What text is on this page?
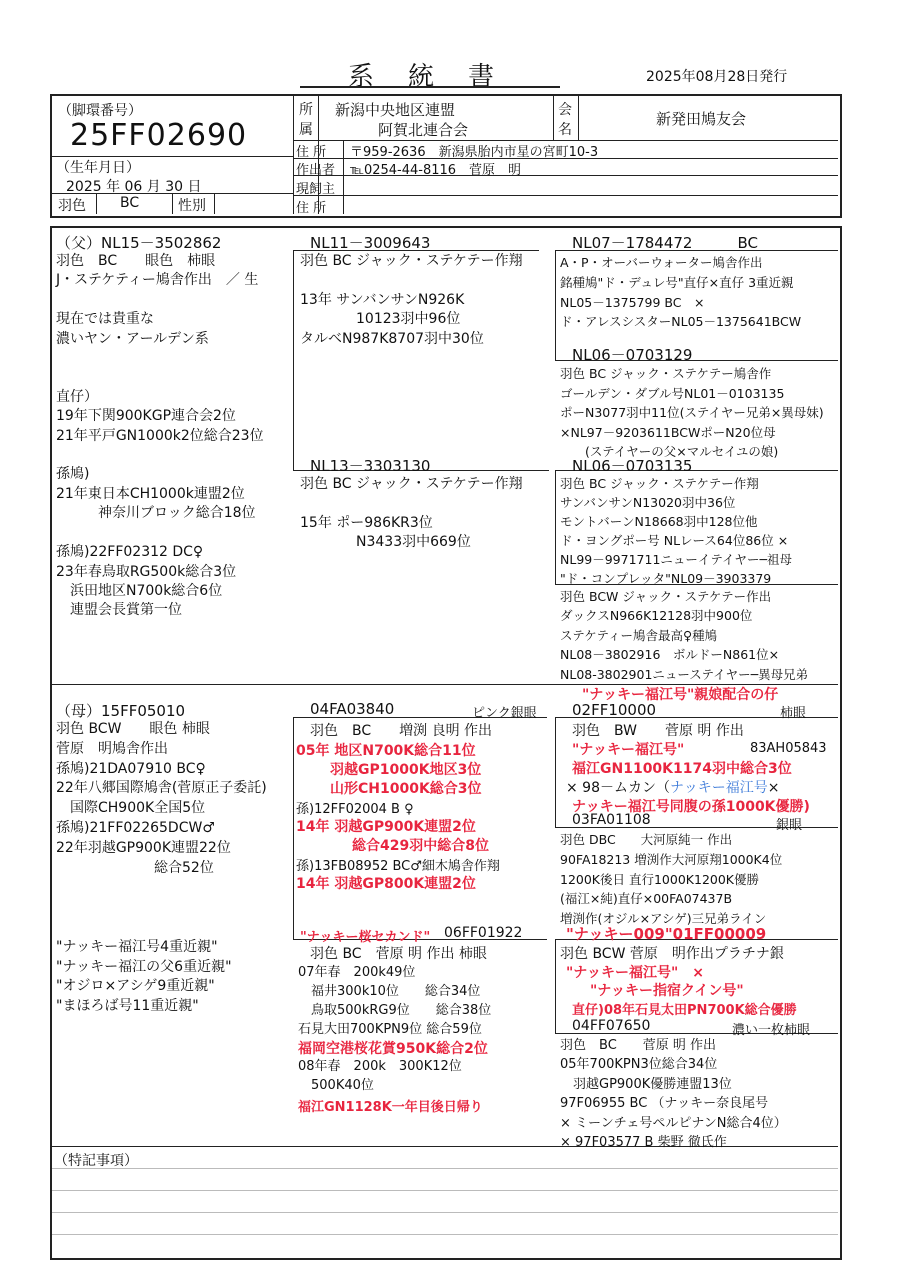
系　統　書	2025年08月28日発行
（脚環番号）
25FF02690
所
属
新潟中央地区連盟
阿賀北連合会
会
名
新発田鳩友会
住 所 〒959-2636　新潟県胎内市星の宮町10-3
作出者 ℡0254-44-8116　菅原　明
現飼主
住 所
（生年月日）
2025 年 06 月 30 日
羽色 BC	性別
（父）NL15－3502862
羽色　BC　　眼色　柿眼
J・ステケティー鳩舎作出　／ 生

現在では貴重な
濃いヤン・アールデン系

直仔）
19年下関900KGP連合会2位
21年平戸GN1000k2位総合23位

孫鳩)
21年東日本CH1000k連盟2位
　　　神奈川ブロック総合18位

孫鳩)22FF02312 DC♀
23年春鳥取RG500k総合3位
　浜田地区N700k総合6位
　連盟会長賞第一位
NL11－3009643
羽色 BC ジャック・ステケテー作翔

13年 サンバンサンN926K
　　　　10123羽中96位
タルベN987K8707羽中30位
NL07－1784472　　　BC
A・P・オーバーウォーター鳩舎作出
銘種鳩"ド・デュレ号"直仔×直仔 3重近親
NL05－1375799 BC　×
ド・アレスシスターNL05－1375641BCW
NL06－0703129
羽色 BC ジャック・ステケテー鳩舎作
ゴールデン・ダブル号NL01－0103135
ポーN3077羽中11位(ステイヤー兄弟×異母妹)
×NL97－9203611BCWポーN20位母
　　(ステイヤーの父×マルセイユの娘)
NL13－3303130
羽色 BC ジャック・ステケテー作翔

15年 ポー986KR3位
　　　　N3433羽中669位
NL06－0703135
羽色 BC ジャック・ステケテー作翔
サンバンサンN13020羽中36位
モントバーンN18668羽中128位他
ド・ヨングポー号 NLレース64位86位 ×
NL99－9971711ニューイテイヤー─祖母
"ド・コンプレッタ"NL09－3903379
羽色 BCW ジャック・ステケテー作出
ダックスN966K12128羽中900位
ステケティー鳩舎最高♀種鳩
NL08－3802916　ボルドーN861位×
NL08-3802901ニューステイヤー─異母兄弟
（母）15FF05010
羽色 BCW　　眼色 柿眼
菅原　明鳩舎作出
孫鳩)21DA07910 BC♀
22年八郷国際鳩舎(菅原正子委託)
　国際CH900K全国5位
孫鳩)21FF02265DCW♂
22年羽越GP900K連盟22位
　　　　　　　総合52位

"ナッキー福江号4重近親"
"ナッキー福江の父6重近親"
"オジロ×アシゲ9重近親"
"まほろば号11重近親"
04FA03840	ピンク銀眼
羽色　BC　　増渕 良明 作出
05年 地区N700K総合11位
羽越GP1000K地区3位
山形CH1000K総合3位
孫)12FF02004 B ♀
14年 羽越GP900K連盟2位
総合429羽中総合8位
孫)13FB08952 BC♂細木鳩舎作翔
14年 羽越GP800K連盟2位
"ナッキー福江号"親娘配合の仔
02FF10000	柿眼
羽色　BW　　菅原 明 作出
"ナッキー福江号"	83AH05843
福江GN1100K1174羽中総合3位
× 98－ムカン（ナッキー福江号×
ナッキー福江号同腹の孫1000K優勝)
03FA01108	銀眼
羽色 DBC　　大河原純一 作出
90FA18213 増渕作大河原翔1000K4位
1200K後日 直行1000K1200K優勝
(福江×純)直仔×00FA07437B
増渕作(オジル×アシゲ)三兄弟ライン
"ナッキー桜セカンド" 06FF01922
羽色 BC　菅原 明 作出 柿眼
07年春　200k49位
　福井300k10位　　総合34位
　鳥取500kRG9位　　総合38位
石見大田700KPN9位 総合59位
福岡空港桜花賞950K総合2位
08年春　200k　300K12位
　500K40位
福江GN1128K一年目後日帰り
"ナッキー009"01FF00009
羽色 BCW 菅原　明作出プラチナ銀
"ナッキー福江号"　×
"ナッキー指宿クイン号"
直仔)08年石見太田PN700K総合優勝
04FF07650	濃い一枚柿眼
羽色　BC　　菅原 明 作出
05年700KPN3位総合34位
　羽越GP900K優勝連盟13位
97F06955 BC （ナッキー奈良尾号
× ミーンチェ号ペルピナンN総合4位）
× 97F03577 B 柴野 徹氏作
（特記事項）
